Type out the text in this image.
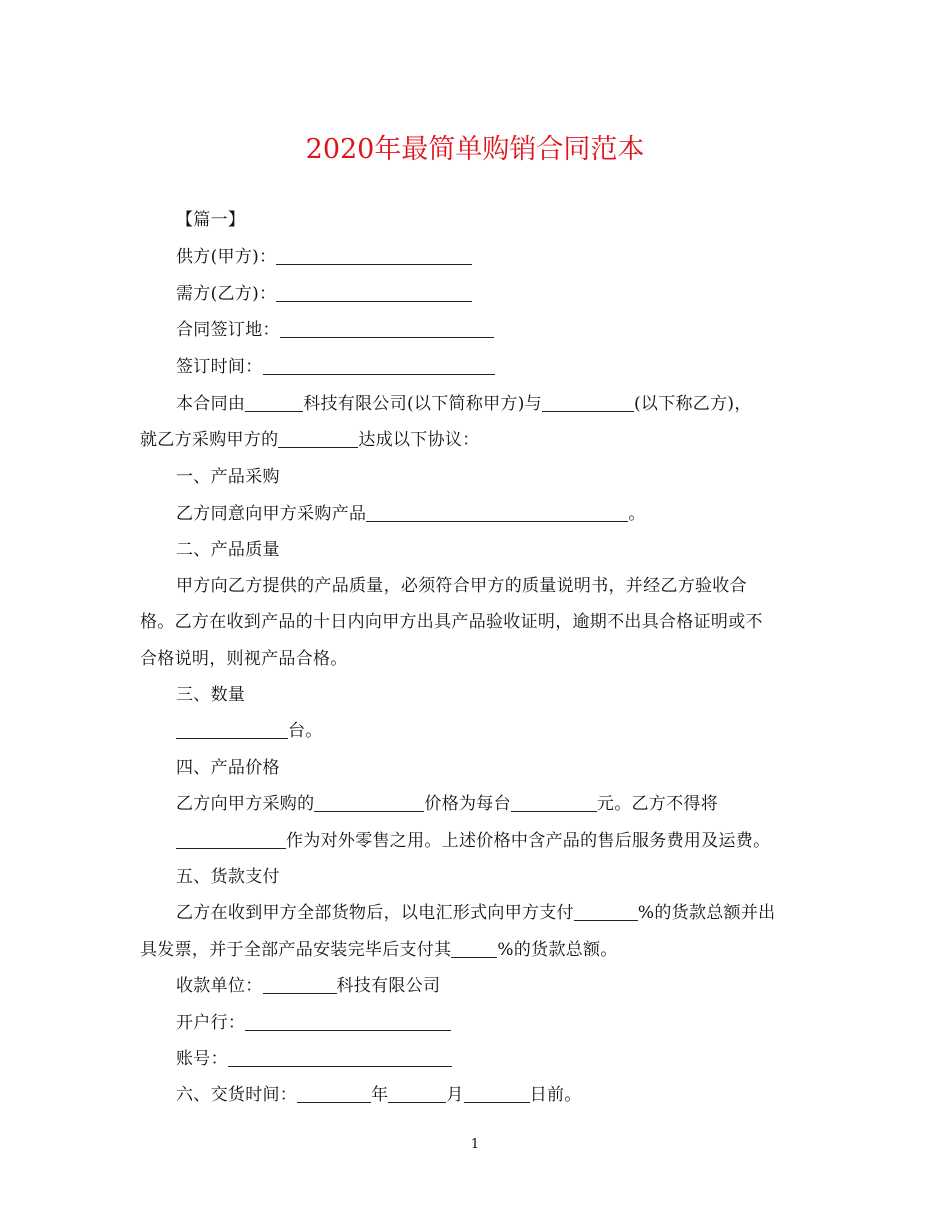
2020年最简单购销合同范本
【篇一】
供方(甲方)：
需方(乙方)：
合同签订地：
签订时间：
本合同由	科技有限公司(以下简称甲方)与	(以下称乙方)，
就乙方采购甲方的	达成以下协议：
一、产品采购
乙方同意向甲方采购产品	。
二、产品质量
甲方向乙方提供的产品质量，必须符合甲方的质量说明书，并经乙方验收合
格。乙方在收到产品的十日内向甲方出具产品验收证明，逾期不出具合格证明或不
合格说明，则视产品合格。
三、数量
台。
四、产品价格
乙方向甲方采购的	价格为每台	元。乙方不得将
作为对外零售之用。上述价格中含产品的售后服务费用及运费。
五、货款支付
乙方在收到甲方全部货物后，以电汇形式向甲方支付	%的货款总额并出
具发票，并于全部产品安装完毕后支付其	%的货款总额。
收款单位：	科技有限公司
开户行：
账号：
六、交货时间：	年	月	日前。
1
